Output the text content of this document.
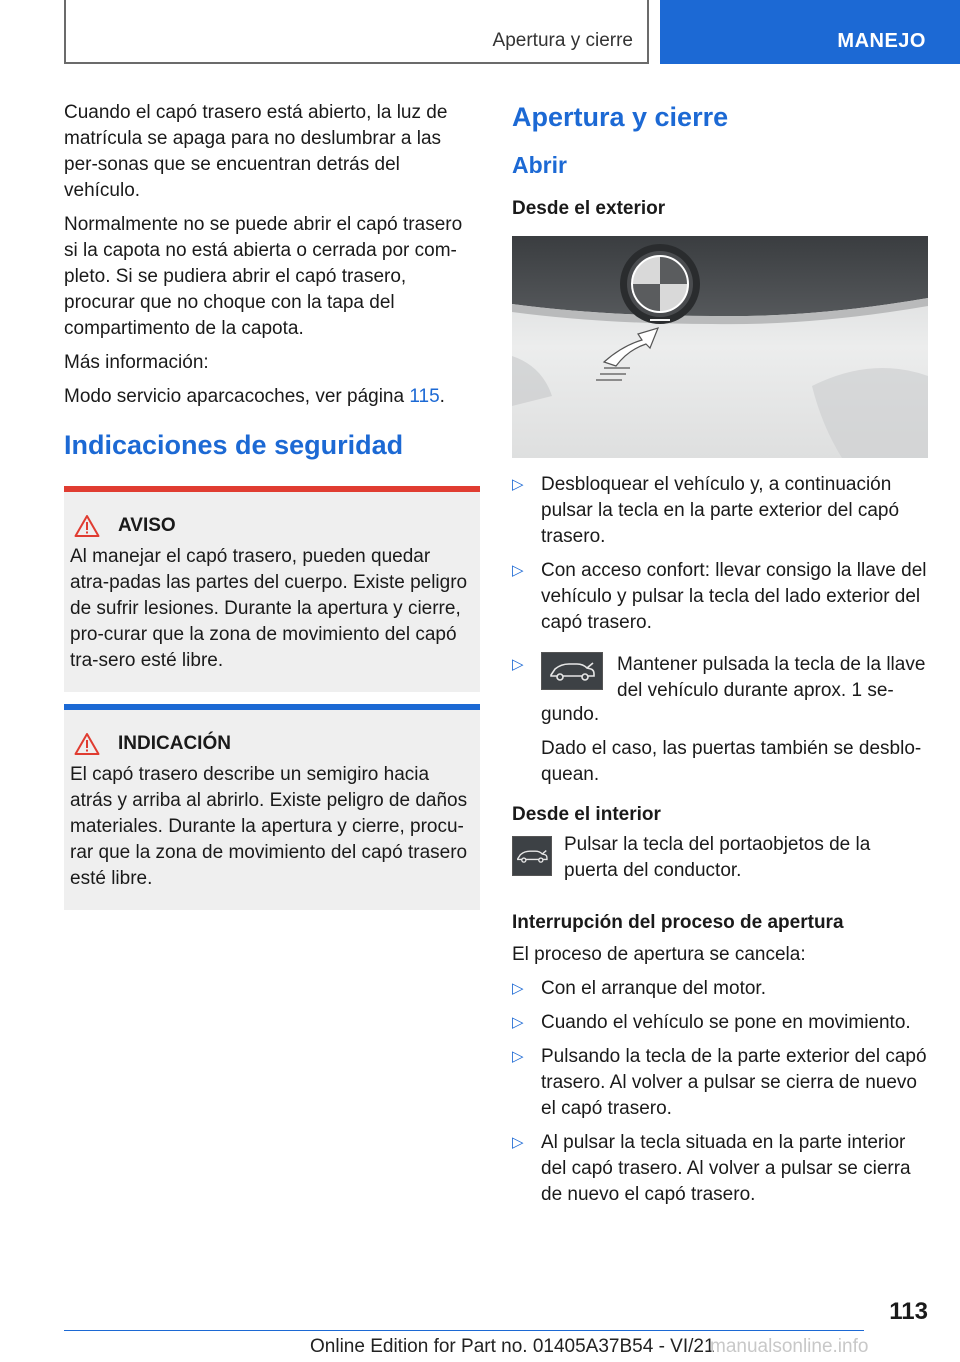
Apertura y cierre	MANEJO

Cuando el capó trasero está abierto, la luz de matrícula se apaga para no deslumbrar a las per-sonas que se encuentran detrás del vehículo.

Normalmente no se puede abrir el capó trasero si la capota no está abierta o cerrada por com-pleto. Si se pudiera abrir el capó trasero, procurar que no choque con la tapa del compartimento de la capota.

Más información:

Modo servicio aparcacoches, ver página 115.

Indicaciones de seguridad
AVISO

Al manejar el capó trasero, pueden quedar atra-padas las partes del cuerpo. Existe peligro de sufrir lesiones. Durante la apertura y cierre, pro-curar que la zona de movimiento del capó tra-sero esté libre.

INDICACIÓN

El capó trasero describe un semigiro hacia atrás y arriba al abrirlo. Existe peligro de daños materiales. Durante la apertura y cierre, procu-rar que la zona de movimiento del capó trasero esté libre.

Apertura y cierre
Abrir
Desde el exterior
▷ Desbloquear el vehículo y, a continuación pulsar la tecla en la parte exterior del capó trasero.
▷ Con acceso confort: llevar consigo la llave del vehículo y pulsar la tecla del lado exterior del capó trasero.
▷	Mantener pulsada la tecla de la llave
del vehículo durante aprox. 1 se-

gundo.

Dado el caso, las puertas también se desblo-quean.

Desde el interior

Pulsar la tecla del portaobjetos de la puerta del conductor.

Interrupción del proceso de apertura

El proceso de apertura se cancela:

▷ Con el arranque del motor.
▷ Cuando el vehículo se pone en movimiento.
▷ Pulsando la tecla de la parte exterior del capó trasero. Al volver a pulsar se cierra de nuevo el capó trasero.
▷ Al pulsar la tecla situada en la parte interior del capó trasero. Al volver a pulsar se cierra de nuevo el capó trasero.
113
Online Edition for Part no. 01405A37B54 - VI/21
manualsonline.info
